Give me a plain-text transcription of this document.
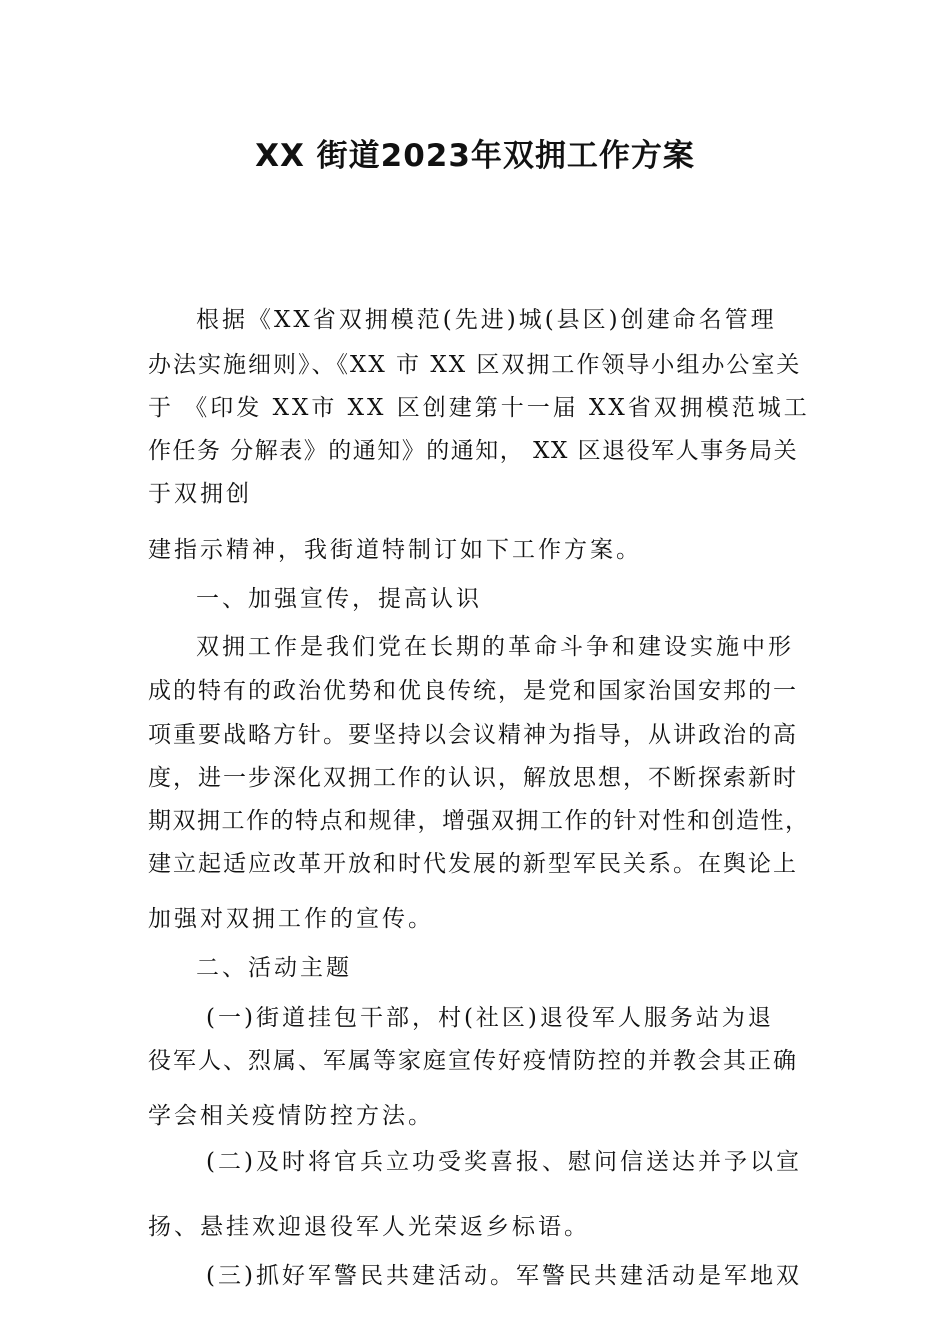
XX 街道2023年双拥工作方案

根据《XX省双拥模范(先进)城(县区)创建命名管理

办法实施细则》、《XX 市 XX 区双拥工作领导小组办公室关

于 《印发 XX市 XX 区创建第十一届 XX省双拥模范城工

作任务 分解表》的通知》的通知， XX 区退役军人事务局关

于双拥创

建指示精神，我街道特制订如下工作方案。

一、加强宣传，提高认识

双拥工作是我们党在长期的革命斗争和建设实施中形

成的特有的政治优势和优良传统，是党和国家治国安邦的一

项重要战略方针。要坚持以会议精神为指导，从讲政治的高

度，进一步深化双拥工作的认识，解放思想，不断探索新时

期双拥工作的特点和规律，增强双拥工作的针对性和创造性，

建立起适应改革开放和时代发展的新型军民关系。在舆论上

加强对双拥工作的宣传。

二、活动主题

(一)街道挂包干部，村(社区)退役军人服务站为退

役军人、烈属、军属等家庭宣传好疫情防控的并教会其正确

学会相关疫情防控方法。

(二)及时将官兵立功受奖喜报、慰问信送达并予以宣

扬、悬挂欢迎退役军人光荣返乡标语。

(三)抓好军警民共建活动。军警民共建活动是军地双
